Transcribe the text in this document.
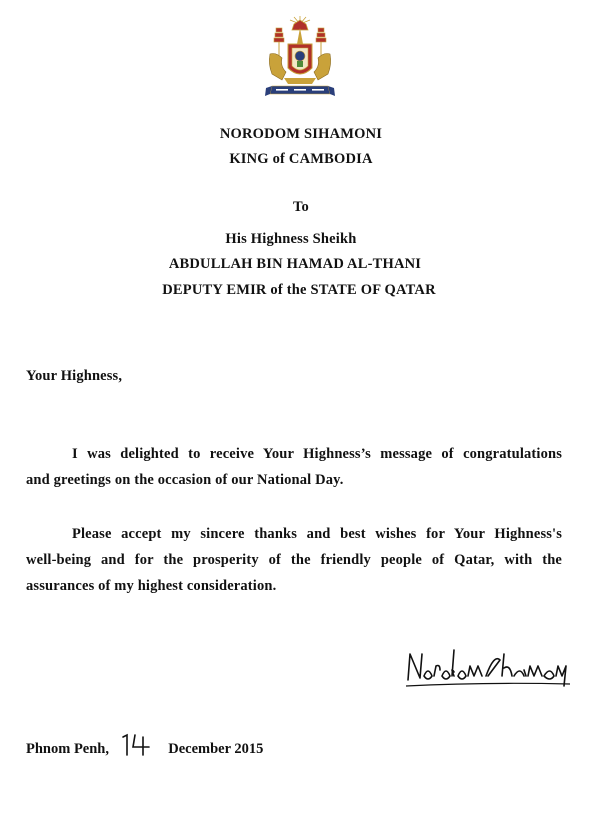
NORODOM SIHAMONI
KING of CAMBODIA
To
His Highness Sheikh
ABDULLAH BIN HAMAD AL-THANI
DEPUTY EMIR of the STATE OF QATAR
Your Highness,
I was delighted to receive Your Highness’s message of congratulations
and greetings on the occasion of our National Day.
Please accept my sincere thanks and best wishes for Your Highness's
well-being and for the prosperity of the friendly people of Qatar, with the
assurances of my highest consideration.
Phnom Penh,	December 2015
